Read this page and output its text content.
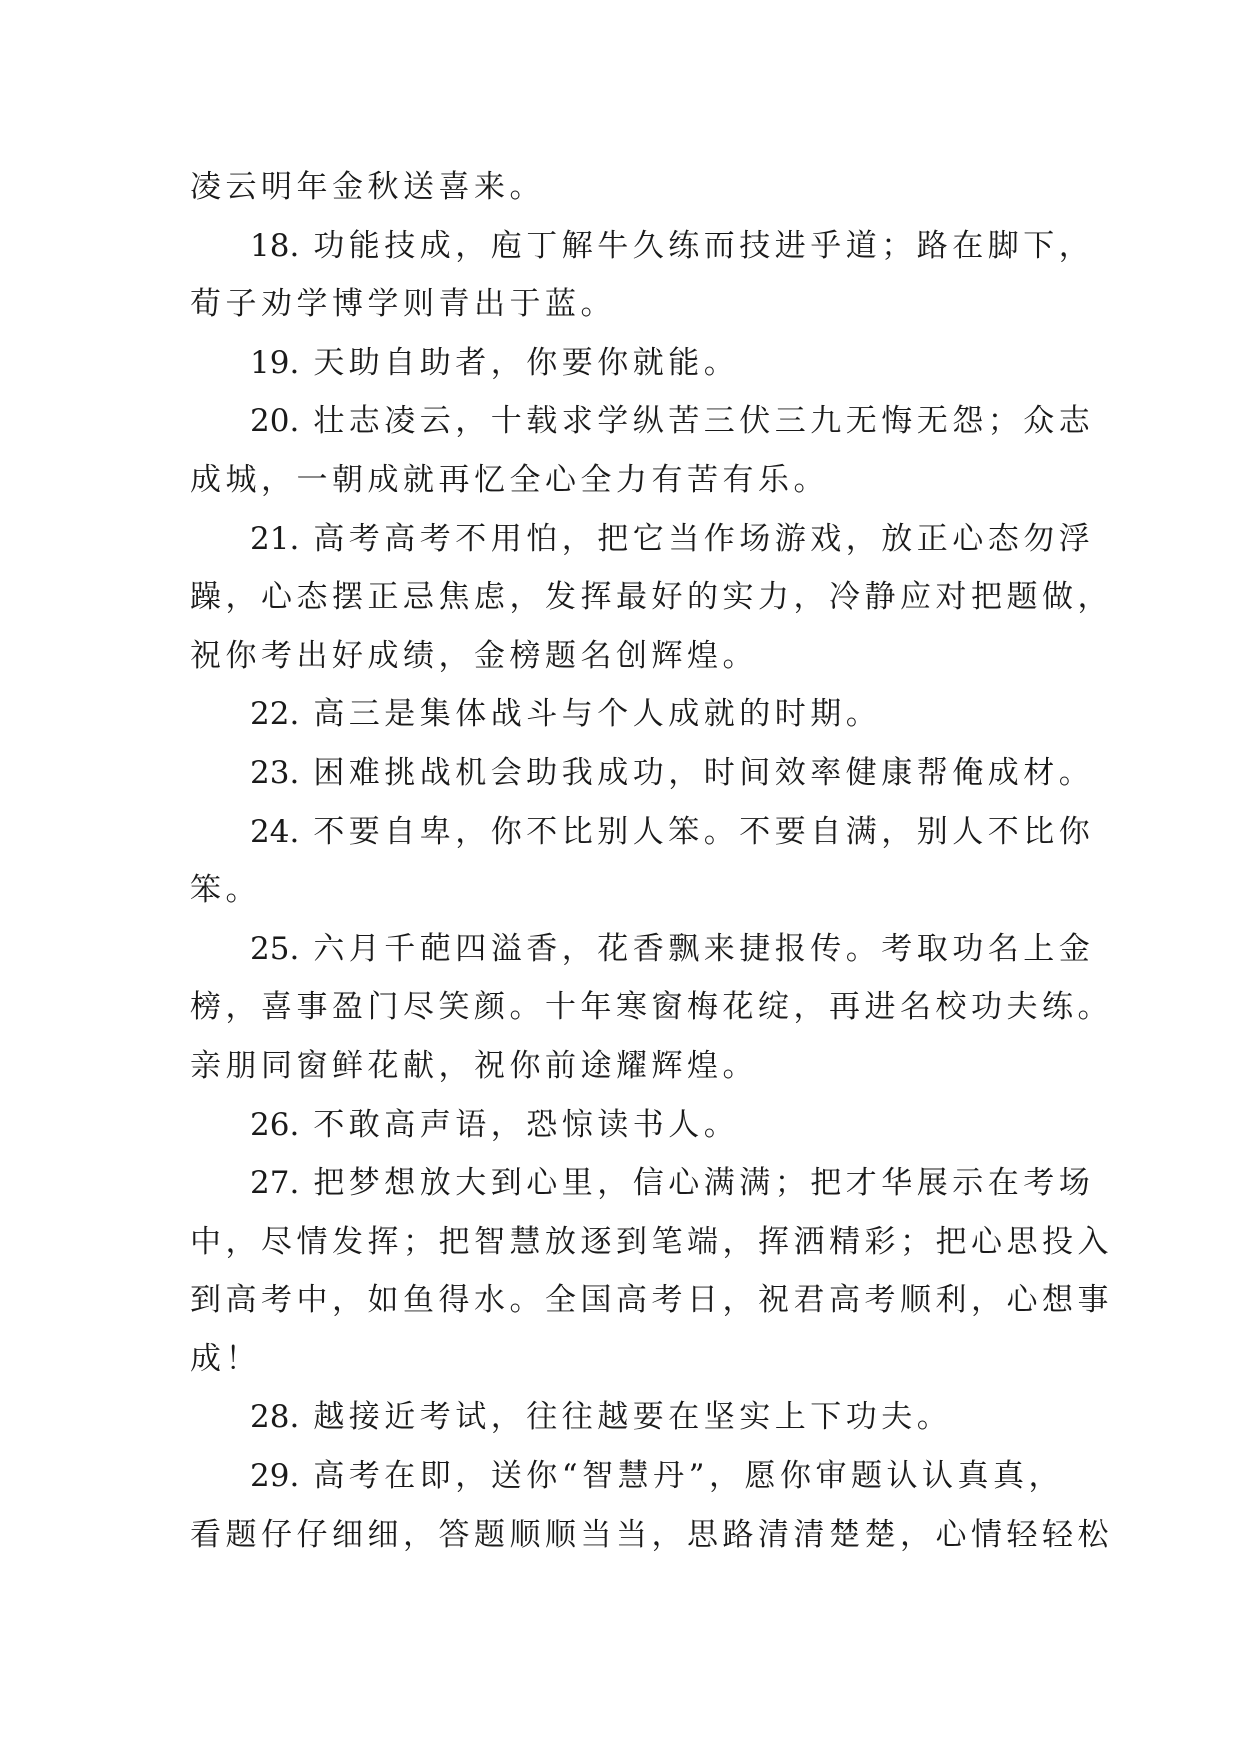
凌云明年金秋送喜来。
18. 功能技成，庖丁解牛久练而技进乎道；路在脚下，
荀子劝学博学则青出于蓝。
19. 天助自助者，你要你就能。
20. 壮志凌云，十载求学纵苦三伏三九无悔无怨；众志
成城，一朝成就再忆全心全力有苦有乐。
21. 高考高考不用怕，把它当作场游戏，放正心态勿浮
躁，心态摆正忌焦虑，发挥最好的实力，冷静应对把题做，
祝你考出好成绩，金榜题名创辉煌。
22. 高三是集体战斗与个人成就的时期。
23. 困难挑战机会助我成功，时间效率健康帮俺成材。
24. 不要自卑，你不比别人笨。不要自满，别人不比你
笨。
25. 六月千葩四溢香，花香飘来捷报传。考取功名上金
榜，喜事盈门尽笑颜。十年寒窗梅花绽，再进名校功夫练。
亲朋同窗鲜花献，祝你前途耀辉煌。
26. 不敢高声语，恐惊读书人。
27. 把梦想放大到心里，信心满满；把才华展示在考场
中，尽情发挥；把智慧放逐到笔端，挥洒精彩；把心思投入
到高考中，如鱼得水。全国高考日，祝君高考顺利，心想事
成！
28. 越接近考试，往往越要在坚实上下功夫。
29. 高考在即，送你“智慧丹”，愿你审题认认真真，
看题仔仔细细，答题顺顺当当，思路清清楚楚，心情轻轻松
